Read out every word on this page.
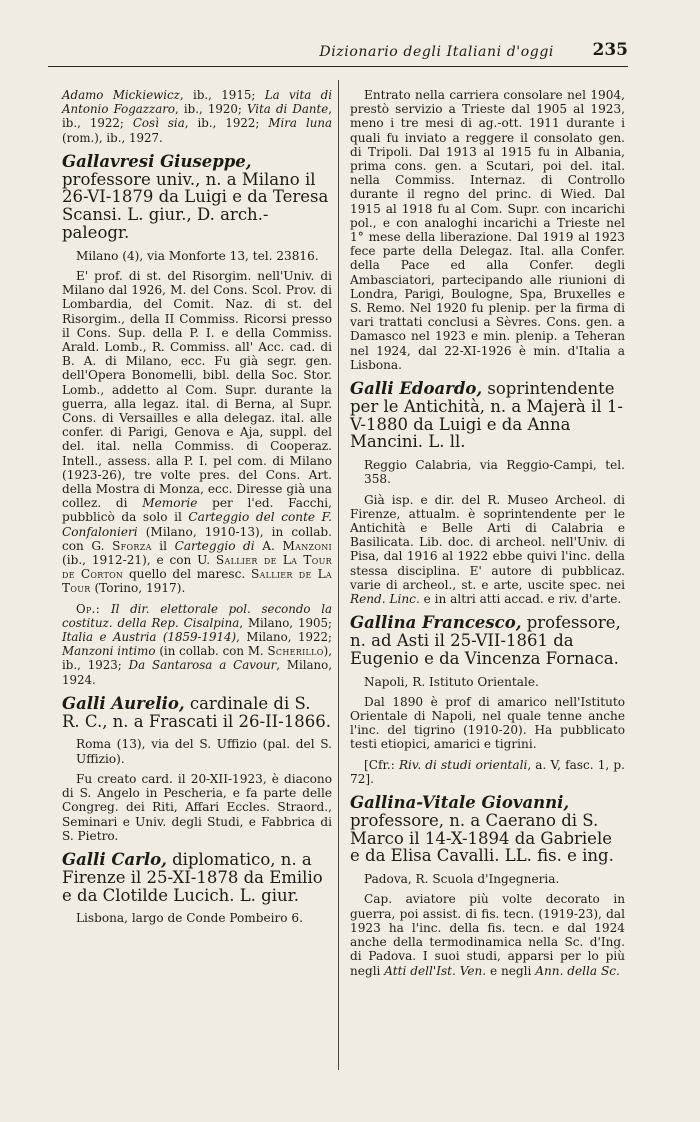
Dizionario degli Italiani d'oggi 235

Adamo Mickiewicz, ib., 1915; La vita di Antonio Fogazzaro, ib., 1920; Vita di Dante, ib., 1922; Così sia, ib., 1922; Mira luna (rom.), ib., 1927.

Gallavresi Giuseppe, professore univ., n. a Milano il 26-VI-1879 da Luigi e da Teresa Scansi. L. giur., D. arch.-paleogr.

Milano (4), via Monforte 13, tel. 23816.

E' prof. di st. del Risorgim. nell'Univ. di Milano dal 1926, M. del Cons. Scol. Prov. di Lombardia, del Comit. Naz. di st. del Risorgim., della II Commiss. Ricorsi presso il Cons. Sup. della P. I. e della Commiss. Arald. Lomb., R. Commiss. all' Acc. cad. di B. A. di Milano, ecc. Fu già segr. gen. dell'Opera Bonomelli, bibl. della Soc. Stor. Lomb., addetto al Com. Supr. durante la guerra, alla legaz. ital. di Berna, al Supr. Cons. di Versailles e alla delegaz. ital. alle confer. di Parigi, Genova e Aja, suppl. del del. ital. nella Commiss. di Cooperaz. Intell., assess. alla P. I. pel com. di Milano (1923-26), tre volte pres. del Cons. Art. della Mostra di Monza, ecc. Diresse già una collez. di Memorie per l'ed. Facchi, pubblicò da solo il Carteggio del conte F. Confalonieri (Milano, 1910-13), in collab. con G. Sforza il Carteggio di A. Manzoni (ib., 1912-21), e con U. Sallier de La Tour de Corton quello del maresc. Sallier de La Tour (Torino, 1917).

Op.: Il dir. elettorale pol. secondo la costituz. della Rep. Cisalpina, Milano, 1905; Italia e Austria (1859-1914), Milano, 1922; Manzoni intimo (in collab. con M. Scherillo), ib., 1923; Da Santarosa a Cavour, Milano, 1924.

Galli Aurelio, cardinale di S. R. C., n. a Frascati il 26-II-1866.

Roma (13), via del S. Uffizio (pal. del S. Uffizio).

Fu creato card. il 20-XII-1923, è diacono di S. Angelo in Pescheria, e fa parte delle Congreg. dei Riti, Affari Eccles. Straord., Seminari e Univ. degli Studi, e Fabbrica di S. Pietro.

Galli Carlo, diplomatico, n. a Firenze il 25-XI-1878 da Emilio e da Clotilde Lucich. L. giur.

Lisbona, largo de Conde Pombeiro 6.

Entrato nella carriera consolare nel 1904, prestò servizio a Trieste dal 1905 al 1923, meno i tre mesi di ag.-ott. 1911 durante i quali fu inviato a reggere il consolato gen. di Tripoli. Dal 1913 al 1915 fu in Albania, prima cons. gen. a Scutari, poi del. ital. nella Commiss. Internaz. di Controllo durante il regno del princ. di Wied. Dal 1915 al 1918 fu al Com. Supr. con incarichi pol., e con analoghi incarichi a Trieste nel 1° mese della liberazione. Dal 1919 al 1923 fece parte della Delegaz. Ital. alla Confer. della Pace ed alla Confer. degli Ambasciatori, partecipando alle riunioni di Londra, Parigi, Boulogne, Spa, Bruxelles e S. Remo. Nel 1920 fu plenip. per la firma di vari trattati conclusi a Sèvres. Cons. gen. a Damasco nel 1923 e min. plenip. a Teheran nel 1924, dal 22-XI-1926 è min. d'Italia a Lisbona.

Galli Edoardo, soprintendente per le Antichità, n. a Majerà il 1-V-1880 da Luigi e da Anna Mancini. L. ll.

Reggio Calabria, via Reggio-Campi, tel. 358.

Già isp. e dir. del R. Museo Archeol. di Firenze, attualm. è soprintendente per le Antichità e Belle Arti di Calabria e Basilicata. Lib. doc. di archeol. nell'Univ. di Pisa, dal 1916 al 1922 ebbe quivi l'inc. della stessa disciplina. E' autore di pubblicaz. varie di archeol., st. e arte, uscite spec. nei Rend. Linc. e in altri atti accad. e riv. d'arte.

Gallina Francesco, professore, n. ad Asti il 25-VII-1861 da Eugenio e da Vincenza Fornaca.

Napoli, R. Istituto Orientale.

Dal 1890 è prof di amarico nell'Istituto Orientale di Napoli, nel quale tenne anche l'inc. del tigrino (1910-20). Ha pubblicato testi etiopici, amarici e tigrini.

[Cfr.: Riv. di studi orientali, a. V, fasc. 1, p. 72].

Gallina-Vitale Giovanni, professore, n. a Caerano di S. Marco il 14-X-1894 da Gabriele e da Elisa Cavalli. LL. fis. e ing.

Padova, R. Scuola d'Ingegneria.

Cap. aviatore più volte decorato in guerra, poi assist. di fis. tecn. (1919-23), dal 1923 ha l'inc. della fis. tecn. e dal 1924 anche della termodinamica nella Sc. d'Ing. di Padova. I suoi studi, apparsi per lo più negli Atti dell'Ist. Ven. e negli Ann. della Sc.
